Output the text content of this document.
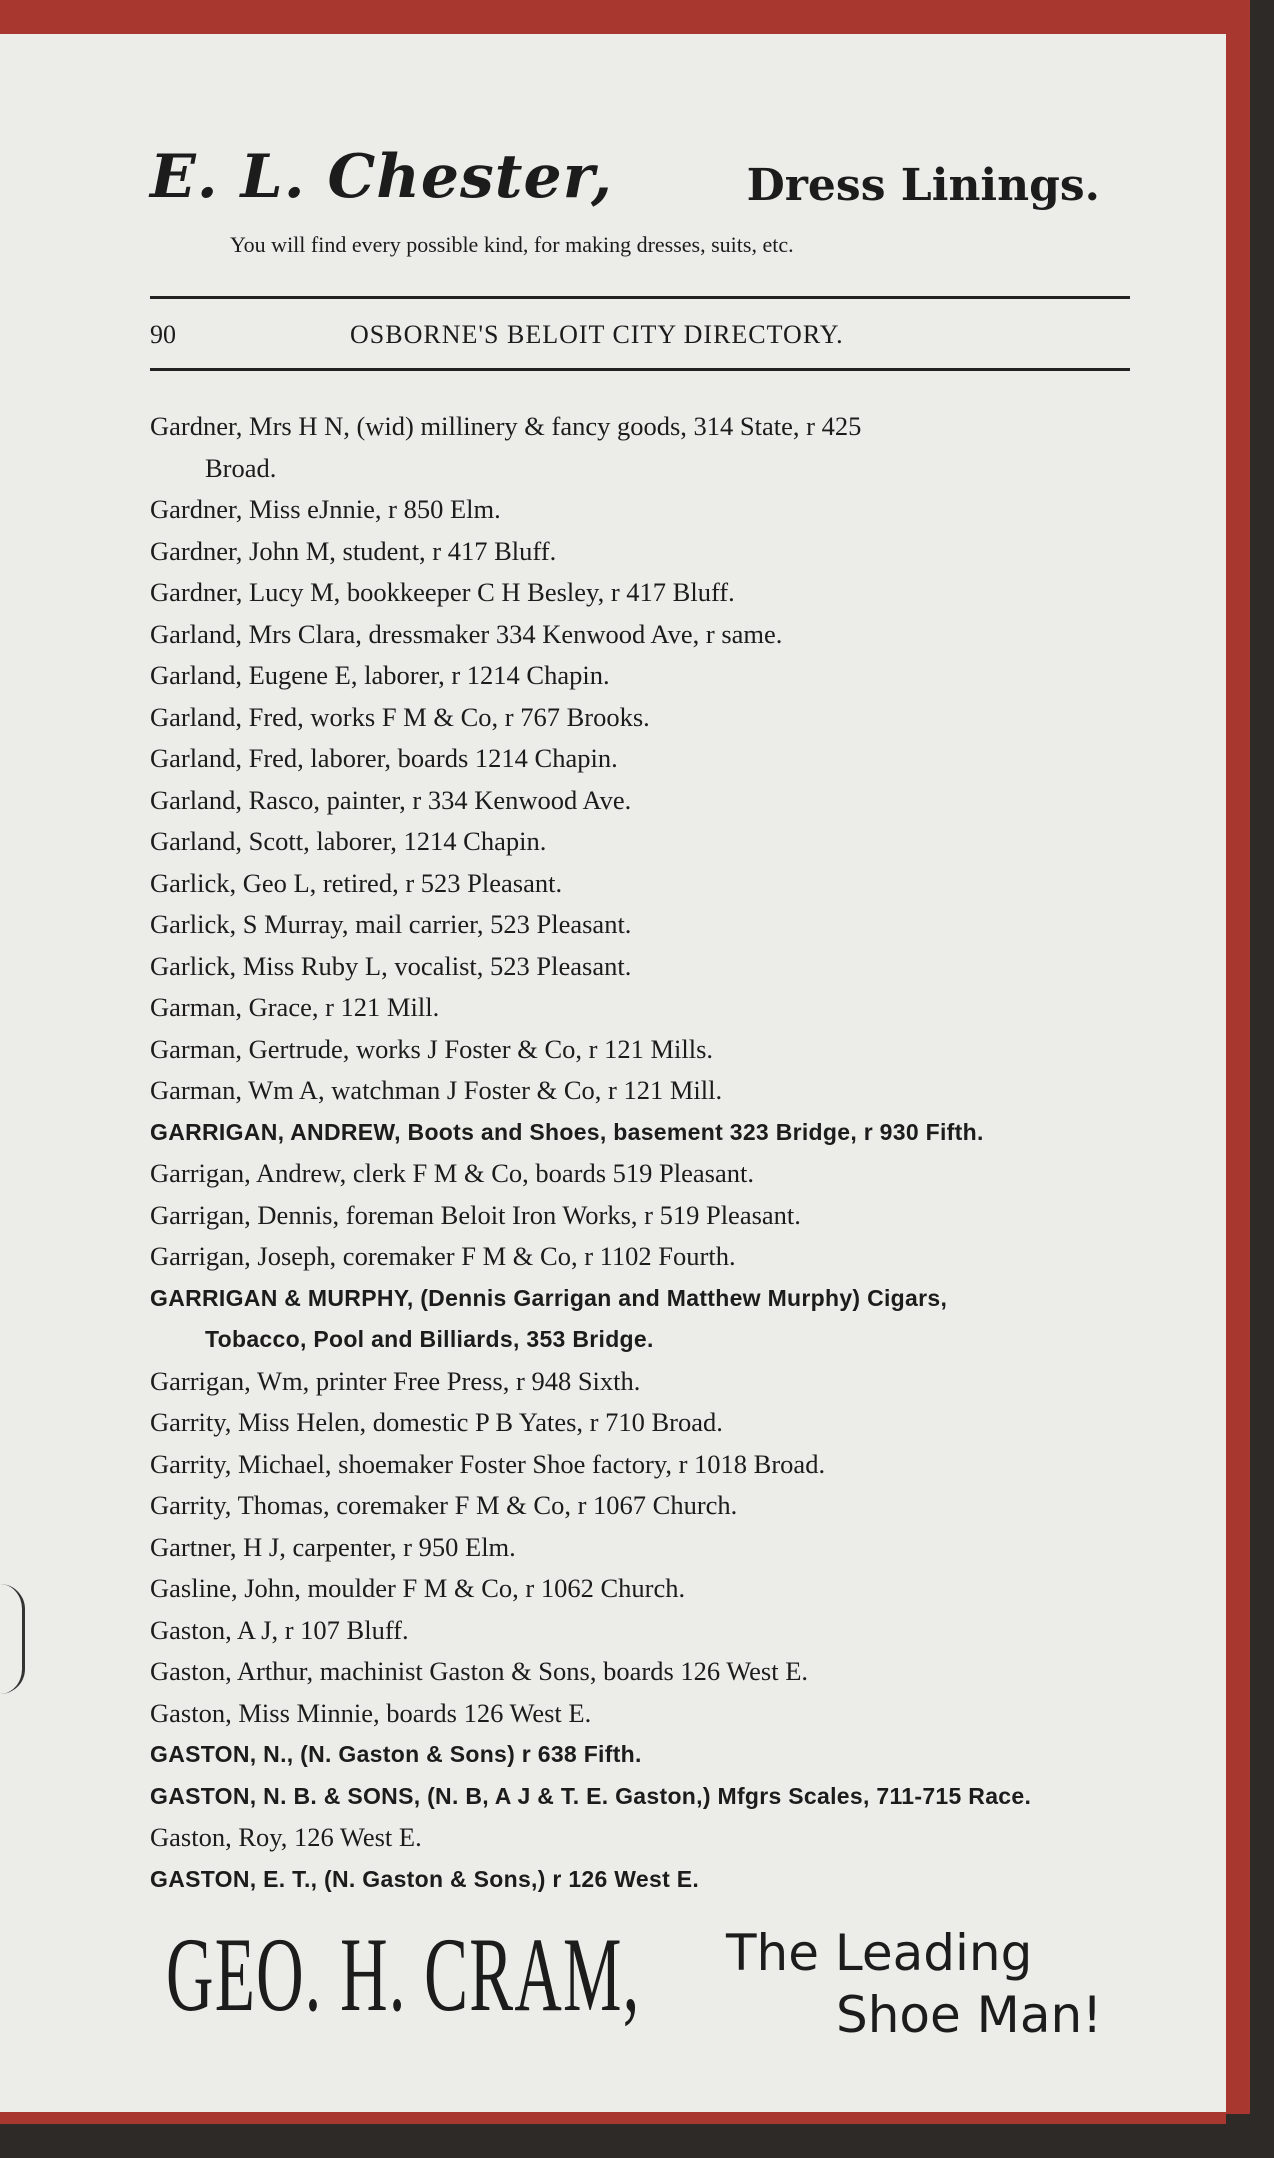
E. L. Chester,	Dress Linings.
You will find every possible kind, for making dresses, suits, etc.
90	OSBORNE'S BELOIT CITY DIRECTORY.
Gardner, Mrs H N, (wid) millinery & fancy goods, 314 State, r 425
Broad.
Gardner, Miss eJnnie, r 850 Elm.
Gardner, John M, student, r 417 Bluff.
Gardner, Lucy M, bookkeeper C H Besley, r 417 Bluff.
Garland, Mrs Clara, dressmaker 334 Kenwood Ave, r same.
Garland, Eugene E, laborer, r 1214 Chapin.
Garland, Fred, works F M & Co, r 767 Brooks.
Garland, Fred, laborer, boards 1214 Chapin.
Garland, Rasco, painter, r 334 Kenwood Ave.
Garland, Scott, laborer, 1214 Chapin.
Garlick, Geo L, retired, r 523 Pleasant.
Garlick, S Murray, mail carrier, 523 Pleasant.
Garlick, Miss Ruby L, vocalist, 523 Pleasant.
Garman, Grace, r 121 Mill.
Garman, Gertrude, works J Foster & Co, r 121 Mills.
Garman, Wm A, watchman J Foster & Co, r 121 Mill.
GARRIGAN, ANDREW, Boots and Shoes, basement 323 Bridge, r 930 Fifth.
Garrigan, Andrew, clerk F M & Co, boards 519 Pleasant.
Garrigan, Dennis, foreman Beloit Iron Works, r 519 Pleasant.
Garrigan, Joseph, coremaker F M & Co, r 1102 Fourth.
GARRIGAN & MURPHY, (Dennis Garrigan and Matthew Murphy) Cigars,
Tobacco, Pool and Billiards, 353 Bridge.
Garrigan, Wm, printer Free Press, r 948 Sixth.
Garrity, Miss Helen, domestic P B Yates, r 710 Broad.
Garrity, Michael, shoemaker Foster Shoe factory, r 1018 Broad.
Garrity, Thomas, coremaker F M & Co, r 1067 Church.
Gartner, H J, carpenter, r 950 Elm.
Gasline, John, moulder F M & Co, r 1062 Church.
Gaston, A J, r 107 Bluff.
Gaston, Arthur, machinist Gaston & Sons, boards 126 West E.
Gaston, Miss Minnie, boards 126 West E.
GASTON, N., (N. Gaston & Sons) r 638 Fifth.
GASTON, N. B. & SONS, (N. B, A J & T. E. Gaston,) Mfgrs Scales, 711-715 Race.
Gaston, Roy, 126 West E.
GASTON, E. T., (N. Gaston & Sons,) r 126 West E.
GEO. H. CRAM, The Leading
Shoe Man!
